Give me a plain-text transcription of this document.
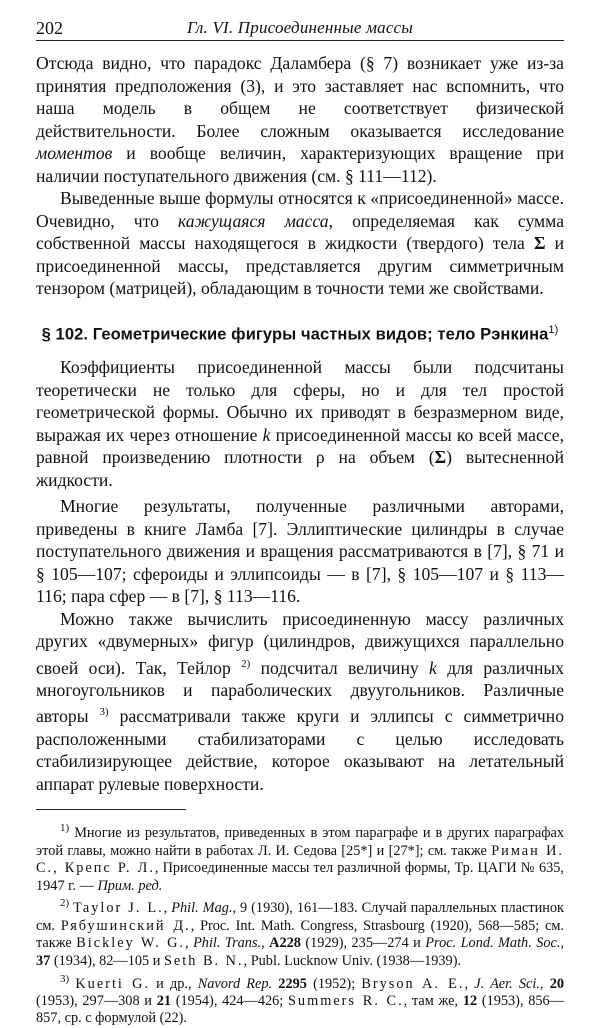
202	Гл. VI. Присоединенные массы

Отсюда видно, что парадокс Даламбера (§ 7) возникает уже из-за принятия предположения (3), и это заставляет нас вспомнить, что наша модель в общем не соответствует физической действительности. Более сложным оказывается исследование моментов и вообще величин, характеризующих вращение при наличии поступательного движения (см. § 111—112).

Выведенные выше формулы относятся к «присоединенной» массе. Очевидно, что кажущаяся масса, определяемая как сумма собственной массы находящегося в жидкости (твердого) тела Σ и присоединенной массы, представляется другим симметричным тензором (матрицей), обладающим в точности теми же свойствами.

§ 102. Геометрические фигуры частных видов; тело Рэнкина$^{1)}$

Коэффициенты присоединенной массы были подсчитаны теоретически не только для сферы, но и для тел простой геометрической формы. Обычно их приводят в безразмерном виде, выражая их через отношение k присоединенной массы ко всей массе, равной произведению плотности ρ на объем (Σ) вытесненной жидкости.

Многие результаты, полученные различными авторами, приведены в книге Ламба [7]. Эллиптические цилиндры в случае поступательного движения и вращения рассматриваются в [7], § 71 и § 105—107; сфероиды и эллипсоиды — в [7], § 105—107 и § 113—116; пара сфер — в [7], § 113—116.

Можно также вычислить присоединенную массу различных других «двумерных» фигур (цилиндров, движущихся параллельно своей оси). Так, Тейлор $^{2)}$ подсчитал величину k для различных многоугольников и параболических двуугольников. Различные авторы $^{3)}$ рассматривали также круги и эллипсы с симметрично расположенными стабилизаторами с целью исследовать стабилизирующее действие, которое оказывают на летательный аппарат рулевые поверхности.

$^{1)}$ Многие из результатов, приведенных в этом параграфе и в других параграфах этой главы, можно найти в работах Л. И. Седова [25*] и [27*]; см. также Риман И. С., Крепс Р. Л., Присоединенные массы тел различной формы, Тр. ЦАГИ № 635, 1947 г. — Прим. ред.

$^{2)}$ Taylor J. L., Phil. Mag., 9 (1930), 161—183. Случай параллельных пластинок см. Рябушинский Д., Proc. Int. Math. Congress, Strasbourg (1920), 568—585; см. также Bickley W. G., Phil. Trans., A228 (1929), 235—274 и Proc. Lond. Math. Soc., 37 (1934), 82—105 и Seth B. N., Publ. Lucknow Univ. (1938—1939).

$^{3)}$ Kuerti G. и др., Navord Rep. 2295 (1952); Bryson A. E., J. Aer. Sci., 20 (1953), 297—308 и 21 (1954), 424—426; Summers R. C., там же, 12 (1953), 856—857, ср. с формулой (22).
